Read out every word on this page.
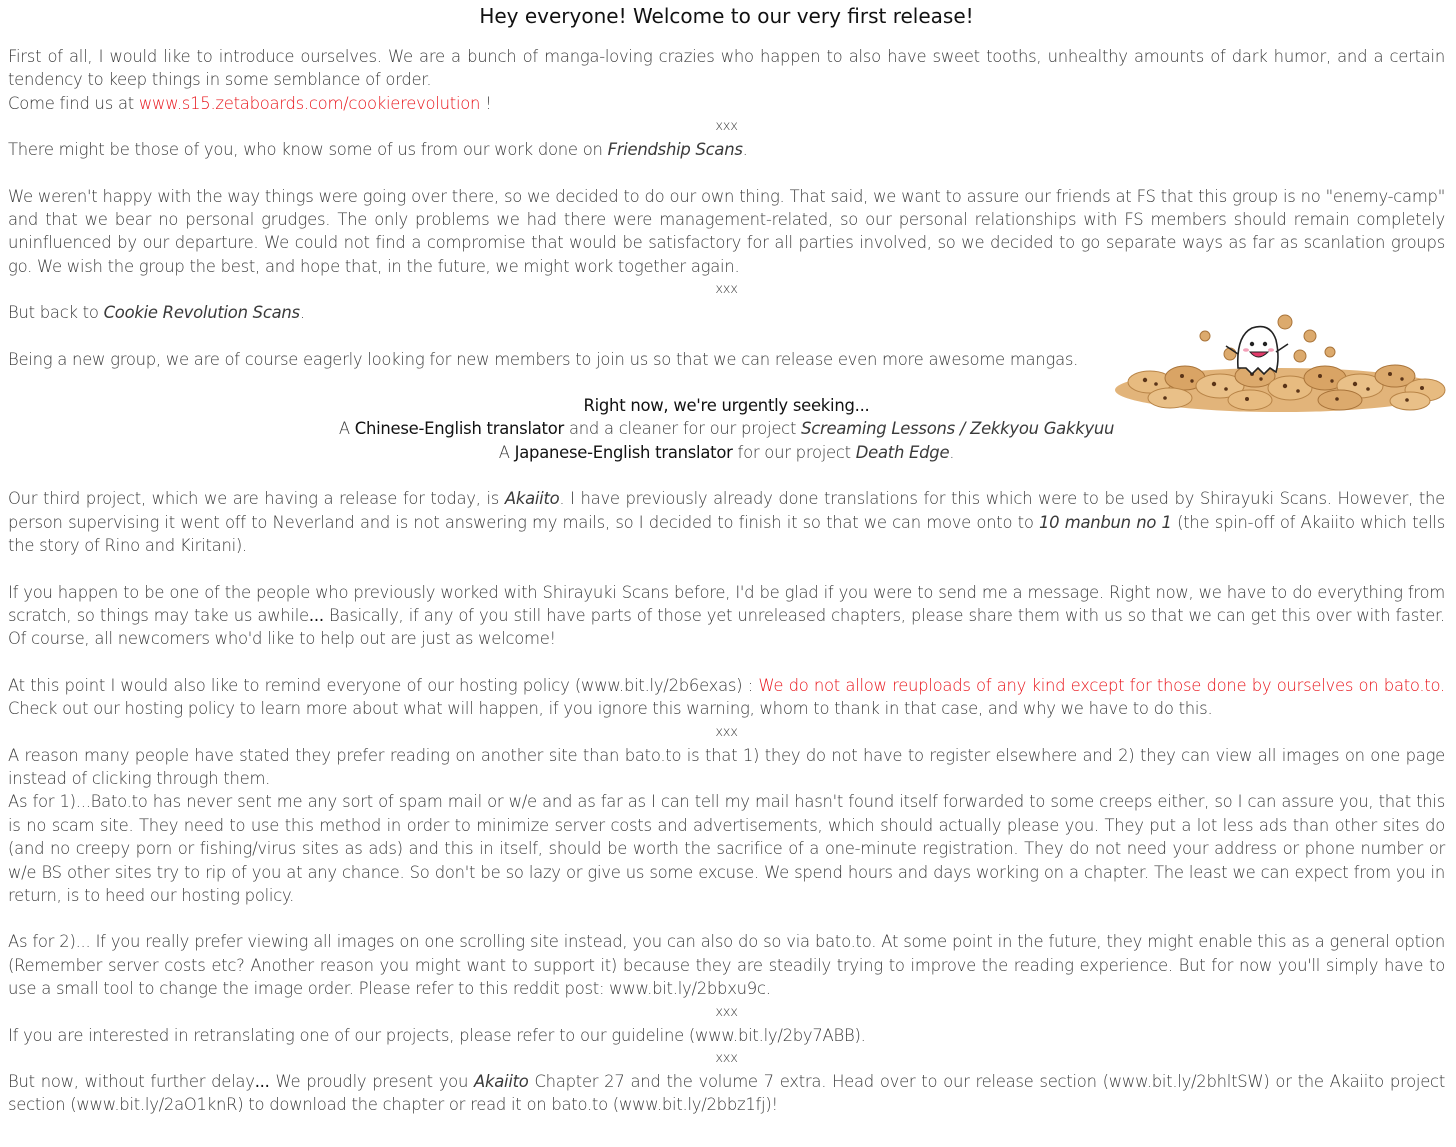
Hey everyone! Welcome to our very first release!

First of all, I would like to introduce ourselves. We are a bunch of manga-loving crazies who happen to also have sweet tooths, unhealthy amounts of dark humor, and a certain tendency to keep things in some semblance of order.
Come find us at www.s15.zetaboards.com/cookierevolution !

xxx

There might be those of you, who know some of us from our work done on Friendship Scans.

We weren't happy with the way things were going over there, so we decided to do our own thing. That said, we want to assure our friends at FS that this group is no "enemy-camp" and that we bear no personal grudges. The only problems we had there were management-related, so our personal relationships with FS members should remain completely uninfluenced by our departure. We could not find a compromise that would be satisfactory for all parties involved, so we decided to go separate ways as far as scanlation groups go. We wish the group the best, and hope that, in the future, we might work together again.

xxx

But back to Cookie Revolution Scans.

Being a new group, we are of course eagerly looking for new members to join us so that we can release even more awesome mangas.

Right now, we're urgently seeking...

A Chinese-English translator and a cleaner for our project Screaming Lessons / Zekkyou Gakkyuu

A Japanese-English translator for our project Death Edge.

Our third project, which we are having a release for today, is Akaiito. I have previously already done translations for this which were to be used by Shirayuki Scans. However, the person supervising it went off to Neverland and is not answering my mails, so I decided to finish it so that we can move onto to 10 manbun no 1 (the spin-off of Akaiito which tells the story of Rino and Kiritani).

If you happen to be one of the people who previously worked with Shirayuki Scans before, I'd be glad if you were to send me a message. Right now, we have to do everything from scratch, so things may take us awhile... Basically, if any of you still have parts of those yet unreleased chapters, please share them with us so that we can get this over with faster. Of course, all newcomers who'd like to help out are just as welcome!

At this point I would also like to remind everyone of our hosting policy (www.bit.ly/2b6exas) : We do not allow reuploads of any kind except for those done by ourselves on bato.to. Check out our hosting policy to learn more about what will happen, if you ignore this warning, whom to thank in that case, and why we have to do this.

xxx

A reason many people have stated they prefer reading on another site than bato.to is that 1) they do not have to register elsewhere and 2) they can view all images on one page instead of clicking through them.

As for 1)...Bato.to has never sent me any sort of spam mail or w/e and as far as I can tell my mail hasn't found itself forwarded to some creeps either, so I can assure you, that this is no scam site. They need to use this method in order to minimize server costs and advertisements, which should actually please you. They put a lot less ads than other sites do (and no creepy porn or fishing/virus sites as ads) and this in itself, should be worth the sacrifice of a one-minute registration. They do not need your address or phone number or w/e BS other sites try to rip of you at any chance. So don't be so lazy or give us some excuse. We spend hours and days working on a chapter. The least we can expect from you in return, is to heed our hosting policy.

As for 2)... If you really prefer viewing all images on one scrolling site instead, you can also do so via bato.to. At some point in the future, they might enable this as a general option (Remember server costs etc? Another reason you might want to support it) because they are steadily trying to improve the reading experience. But for now you'll simply have to use a small tool to change the image order. Please refer to this reddit post: www.bit.ly/2bbxu9c.

xxx

If you are interested in retranslating one of our projects, please refer to our guideline (www.bit.ly/2by7ABB).

xxx

But now, without further delay... We proudly present you Akaiito Chapter 27 and the volume 7 extra. Head over to our release section (www.bit.ly/2bhltSW) or the Akaiito project section (www.bit.ly/2aO1knR) to download the chapter or read it on bato.to (www.bit.ly/2bbz1fj)!
